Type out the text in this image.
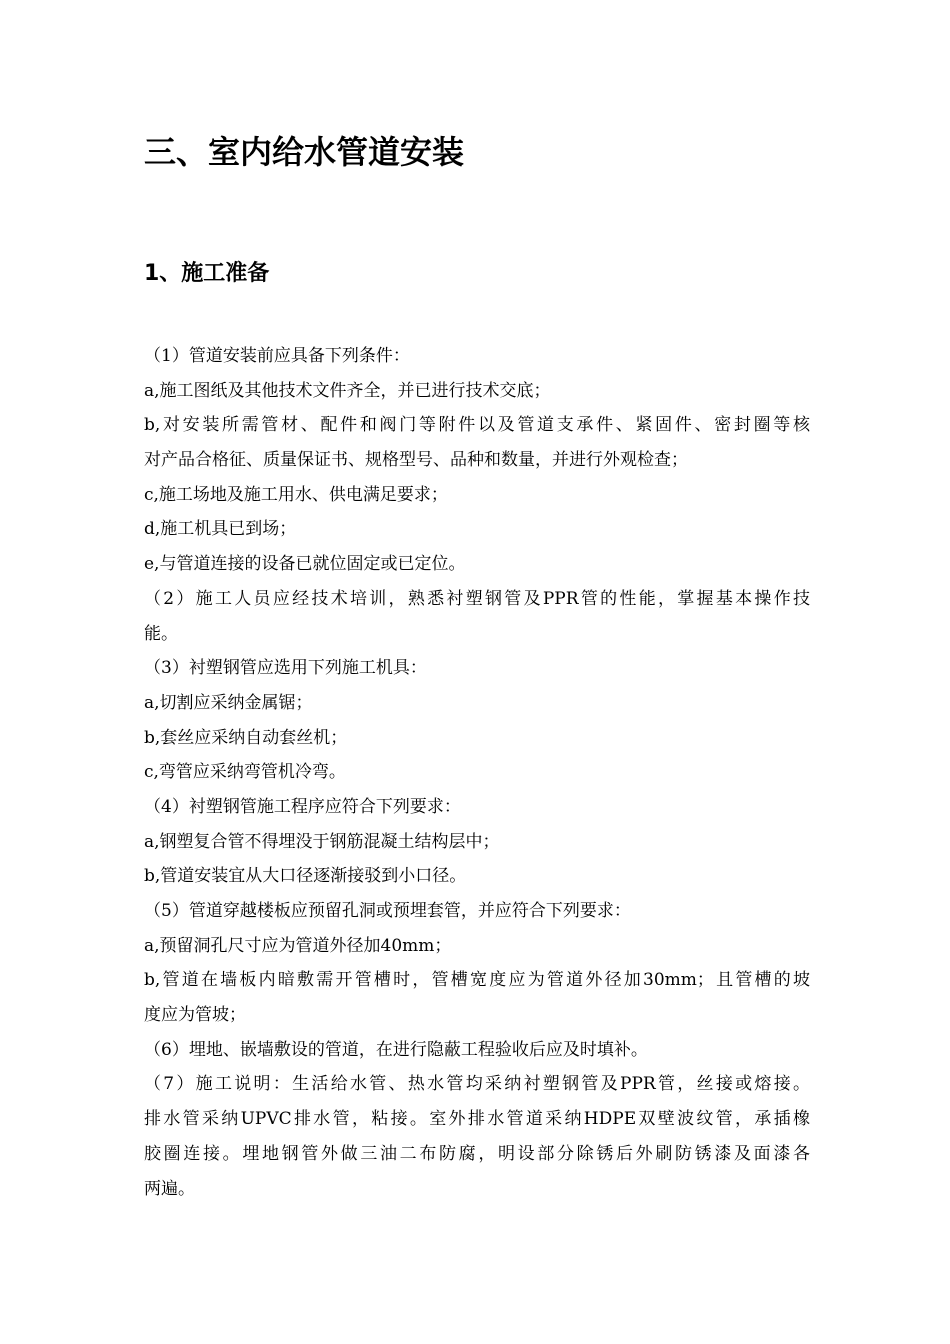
三、室内给水管道安装
1、施工准备
（1）管道安装前应具备下列条件：
a,施工图纸及其他技术文件齐全，并已进行技术交底；
b,对安装所需管材、配件和阀门等附件以及管道支承件、紧固件、密封圈等核
对产品合格征、质量保证书、规格型号、品种和数量，并进行外观检查；
c,施工场地及施工用水、供电满足要求；
d,施工机具已到场；
e,与管道连接的设备已就位固定或已定位。
（2）施工人员应经技术培训，熟悉衬塑钢管及PPR管的性能，掌握基本操作技
能。
（3）衬塑钢管应选用下列施工机具：
a,切割应采纳金属锯；
b,套丝应采纳自动套丝机；
c,弯管应采纳弯管机冷弯。
（4）衬塑钢管施工程序应符合下列要求：
a,钢塑复合管不得埋没于钢筋混凝土结构层中；
b,管道安装宜从大口径逐渐接驳到小口径。
（5）管道穿越楼板应预留孔洞或预埋套管，并应符合下列要求：
a,预留洞孔尺寸应为管道外径加40mm；
b,管道在墙板内暗敷需开管槽时，管槽宽度应为管道外径加30mm；且管槽的坡
度应为管坡；
（6）埋地、嵌墙敷设的管道，在进行隐蔽工程验收后应及时填补。
（7）施工说明：生活给水管、热水管均采纳衬塑钢管及PPR管，丝接或熔接。
排水管采纳UPVC排水管，粘接。室外排水管道采纳HDPE双壁波纹管，承插橡
胶圈连接。埋地钢管外做三油二布防腐，明设部分除锈后外刷防锈漆及面漆各
两遍。
